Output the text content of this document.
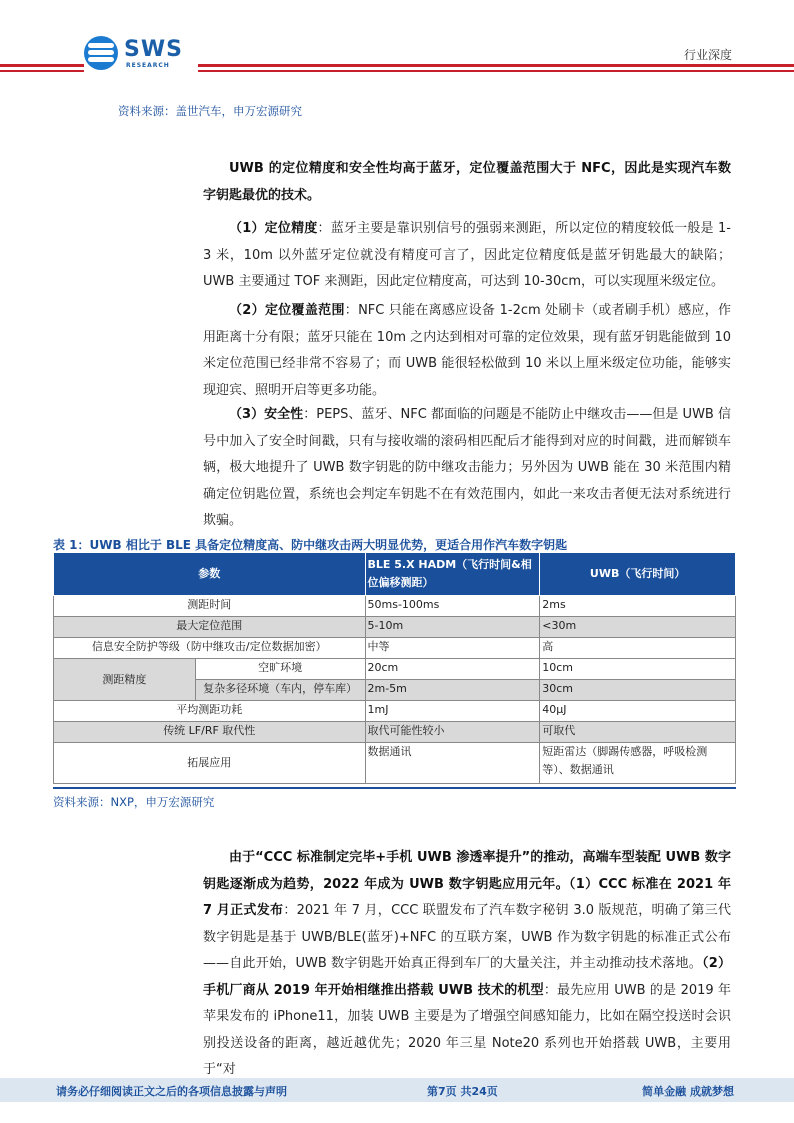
SWS
RESEARCH
行业深度
资料来源：盖世汽车，申万宏源研究

UWB 的定位精度和安全性均高于蓝牙，定位覆盖范围大于 NFC，因此是实现汽车数字钥匙最优的技术。

（1）定位精度：蓝牙主要是靠识别信号的强弱来测距，所以定位的精度较低一般是 1-3 米，10m 以外蓝牙定位就没有精度可言了，因此定位精度低是蓝牙钥匙最大的缺陷；UWB 主要通过 TOF 来测距，因此定位精度高，可达到 10-30cm，可以实现厘米级定位。

（2）定位覆盖范围：NFC 只能在离感应设备 1-2cm 处刷卡（或者刷手机）感应，作用距离十分有限；蓝牙只能在 10m 之内达到相对可靠的定位效果，现有蓝牙钥匙能做到 10 米定位范围已经非常不容易了；而 UWB 能很轻松做到 10 米以上厘米级定位功能，能够实现迎宾、照明开启等更多功能。

（3）安全性：PEPS、蓝牙、NFC 都面临的问题是不能防止中继攻击——但是 UWB 信号中加入了安全时间戳，只有与接收端的滚码相匹配后才能得到对应的时间戳，进而解锁车辆，极大地提升了 UWB 数字钥匙的防中继攻击能力；另外因为 UWB 能在 30 米范围内精确定位钥匙位置，系统也会判定车钥匙不在有效范围内，如此一来攻击者便无法对系统进行欺骗。

表 1：UWB 相比于 BLE 具备定位精度高、防中继攻击两大明显优势，更适合用作汽车数字钥匙
参数		BLE 5.X HADM（飞行时间&相位偏移测距）	UWB（飞行时间）
测距时间		50ms-100ms	2ms
最大定位范围		5-10m	<30m
信息安全防护等级（防中继攻击/定位数据加密）		中等	高
测距精度	空旷环境	20cm	10cm
	复杂多径环境（车内，停车库）	2m-5m	30cm
平均测距功耗		1mJ	40µJ
传统 LF/RF 取代性		取代可能性较小	可取代
拓展应用		数据通讯	短距雷达（脚踢传感器，呼吸检测等）、数据通讯
资料来源：NXP，申万宏源研究

由于“CCC 标准制定完毕+手机 UWB 渗透率提升”的推动，高端车型装配 UWB 数字钥匙逐渐成为趋势，2022 年成为 UWB 数字钥匙应用元年。（1）CCC 标准在 2021 年 7 月正式发布：2021 年 7 月，CCC 联盟发布了汽车数字秘钥 3.0 版规范，明确了第三代数字钥匙是基于 UWB/BLE(蓝牙)+NFC 的互联方案，UWB 作为数字钥匙的标准正式公布——自此开始，UWB 数字钥匙开始真正得到车厂的大量关注，并主动推动技术落地。（2）手机厂商从 2019 年开始相继推出搭载 UWB 技术的机型：最先应用 UWB 的是 2019 年苹果发布的 iPhone11，加装 UWB 主要是为了增强空间感知能力，比如在隔空投送时会识别投送设备的距离，越近越优先；2020 年三星 Note20 系列也开始搭载 UWB，主要用于“对

请务必仔细阅读正文之后的各项信息披露与声明	第7页 共24页	简单金融 成就梦想
